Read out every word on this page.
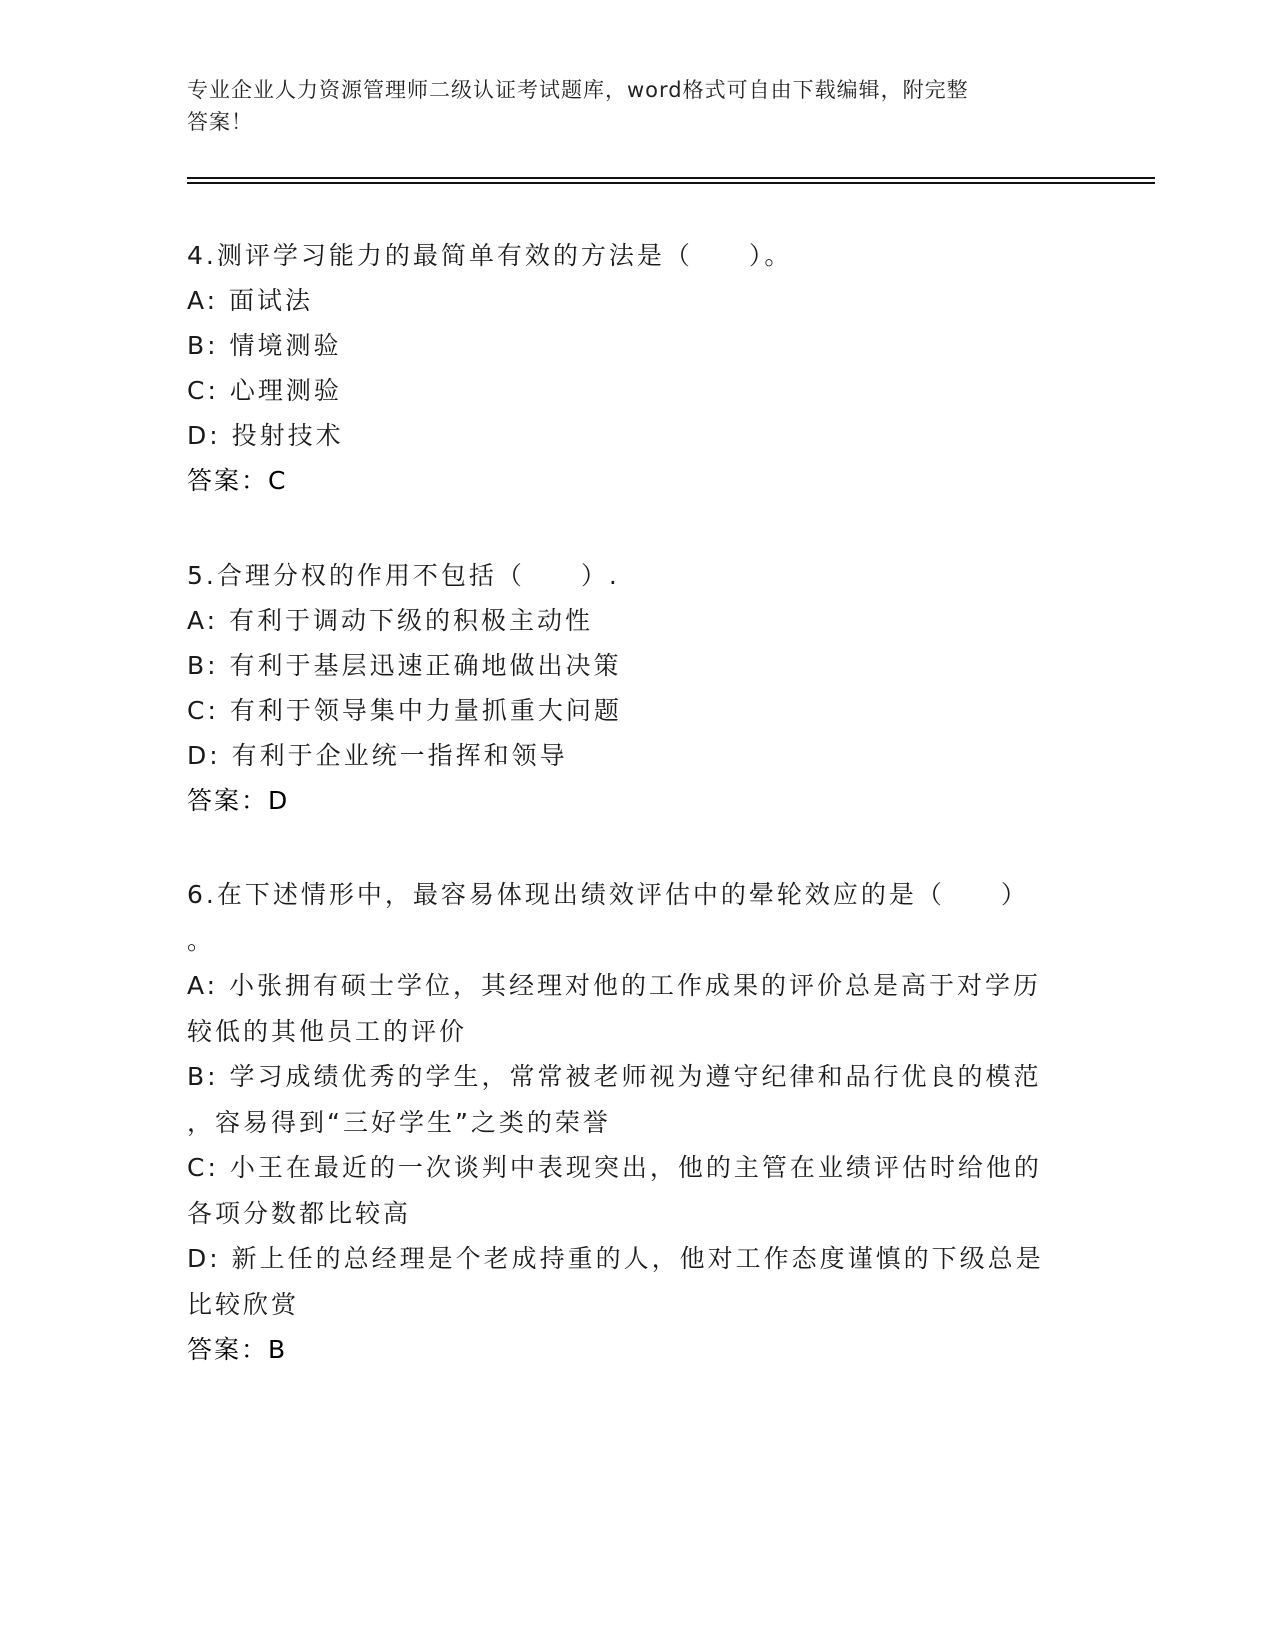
专业企业人力资源管理师二级认证考试题库，word格式可自由下载编辑，附完整
答案！
4.测评学习能力的最简单有效的方法是（　　）。
A: 面试法
B: 情境测验
C: 心理测验
D: 投射技术
答案：C
5.合理分权的作用不包括（　　）.
A: 有利于调动下级的积极主动性
B: 有利于基层迅速正确地做出决策
C: 有利于领导集中力量抓重大问题
D: 有利于企业统一指挥和领导
答案：D
6.在下述情形中，最容易体现出绩效评估中的晕轮效应的是（　　）
。
A: 小张拥有硕士学位，其经理对他的工作成果的评价总是高于对学历
较低的其他员工的评价
B: 学习成绩优秀的学生，常常被老师视为遵守纪律和品行优良的模范
，容易得到“三好学生”之类的荣誉
C: 小王在最近的一次谈判中表现突出，他的主管在业绩评估时给他的
各项分数都比较高
D: 新上任的总经理是个老成持重的人，他对工作态度谨慎的下级总是
比较欣赏
答案：B
